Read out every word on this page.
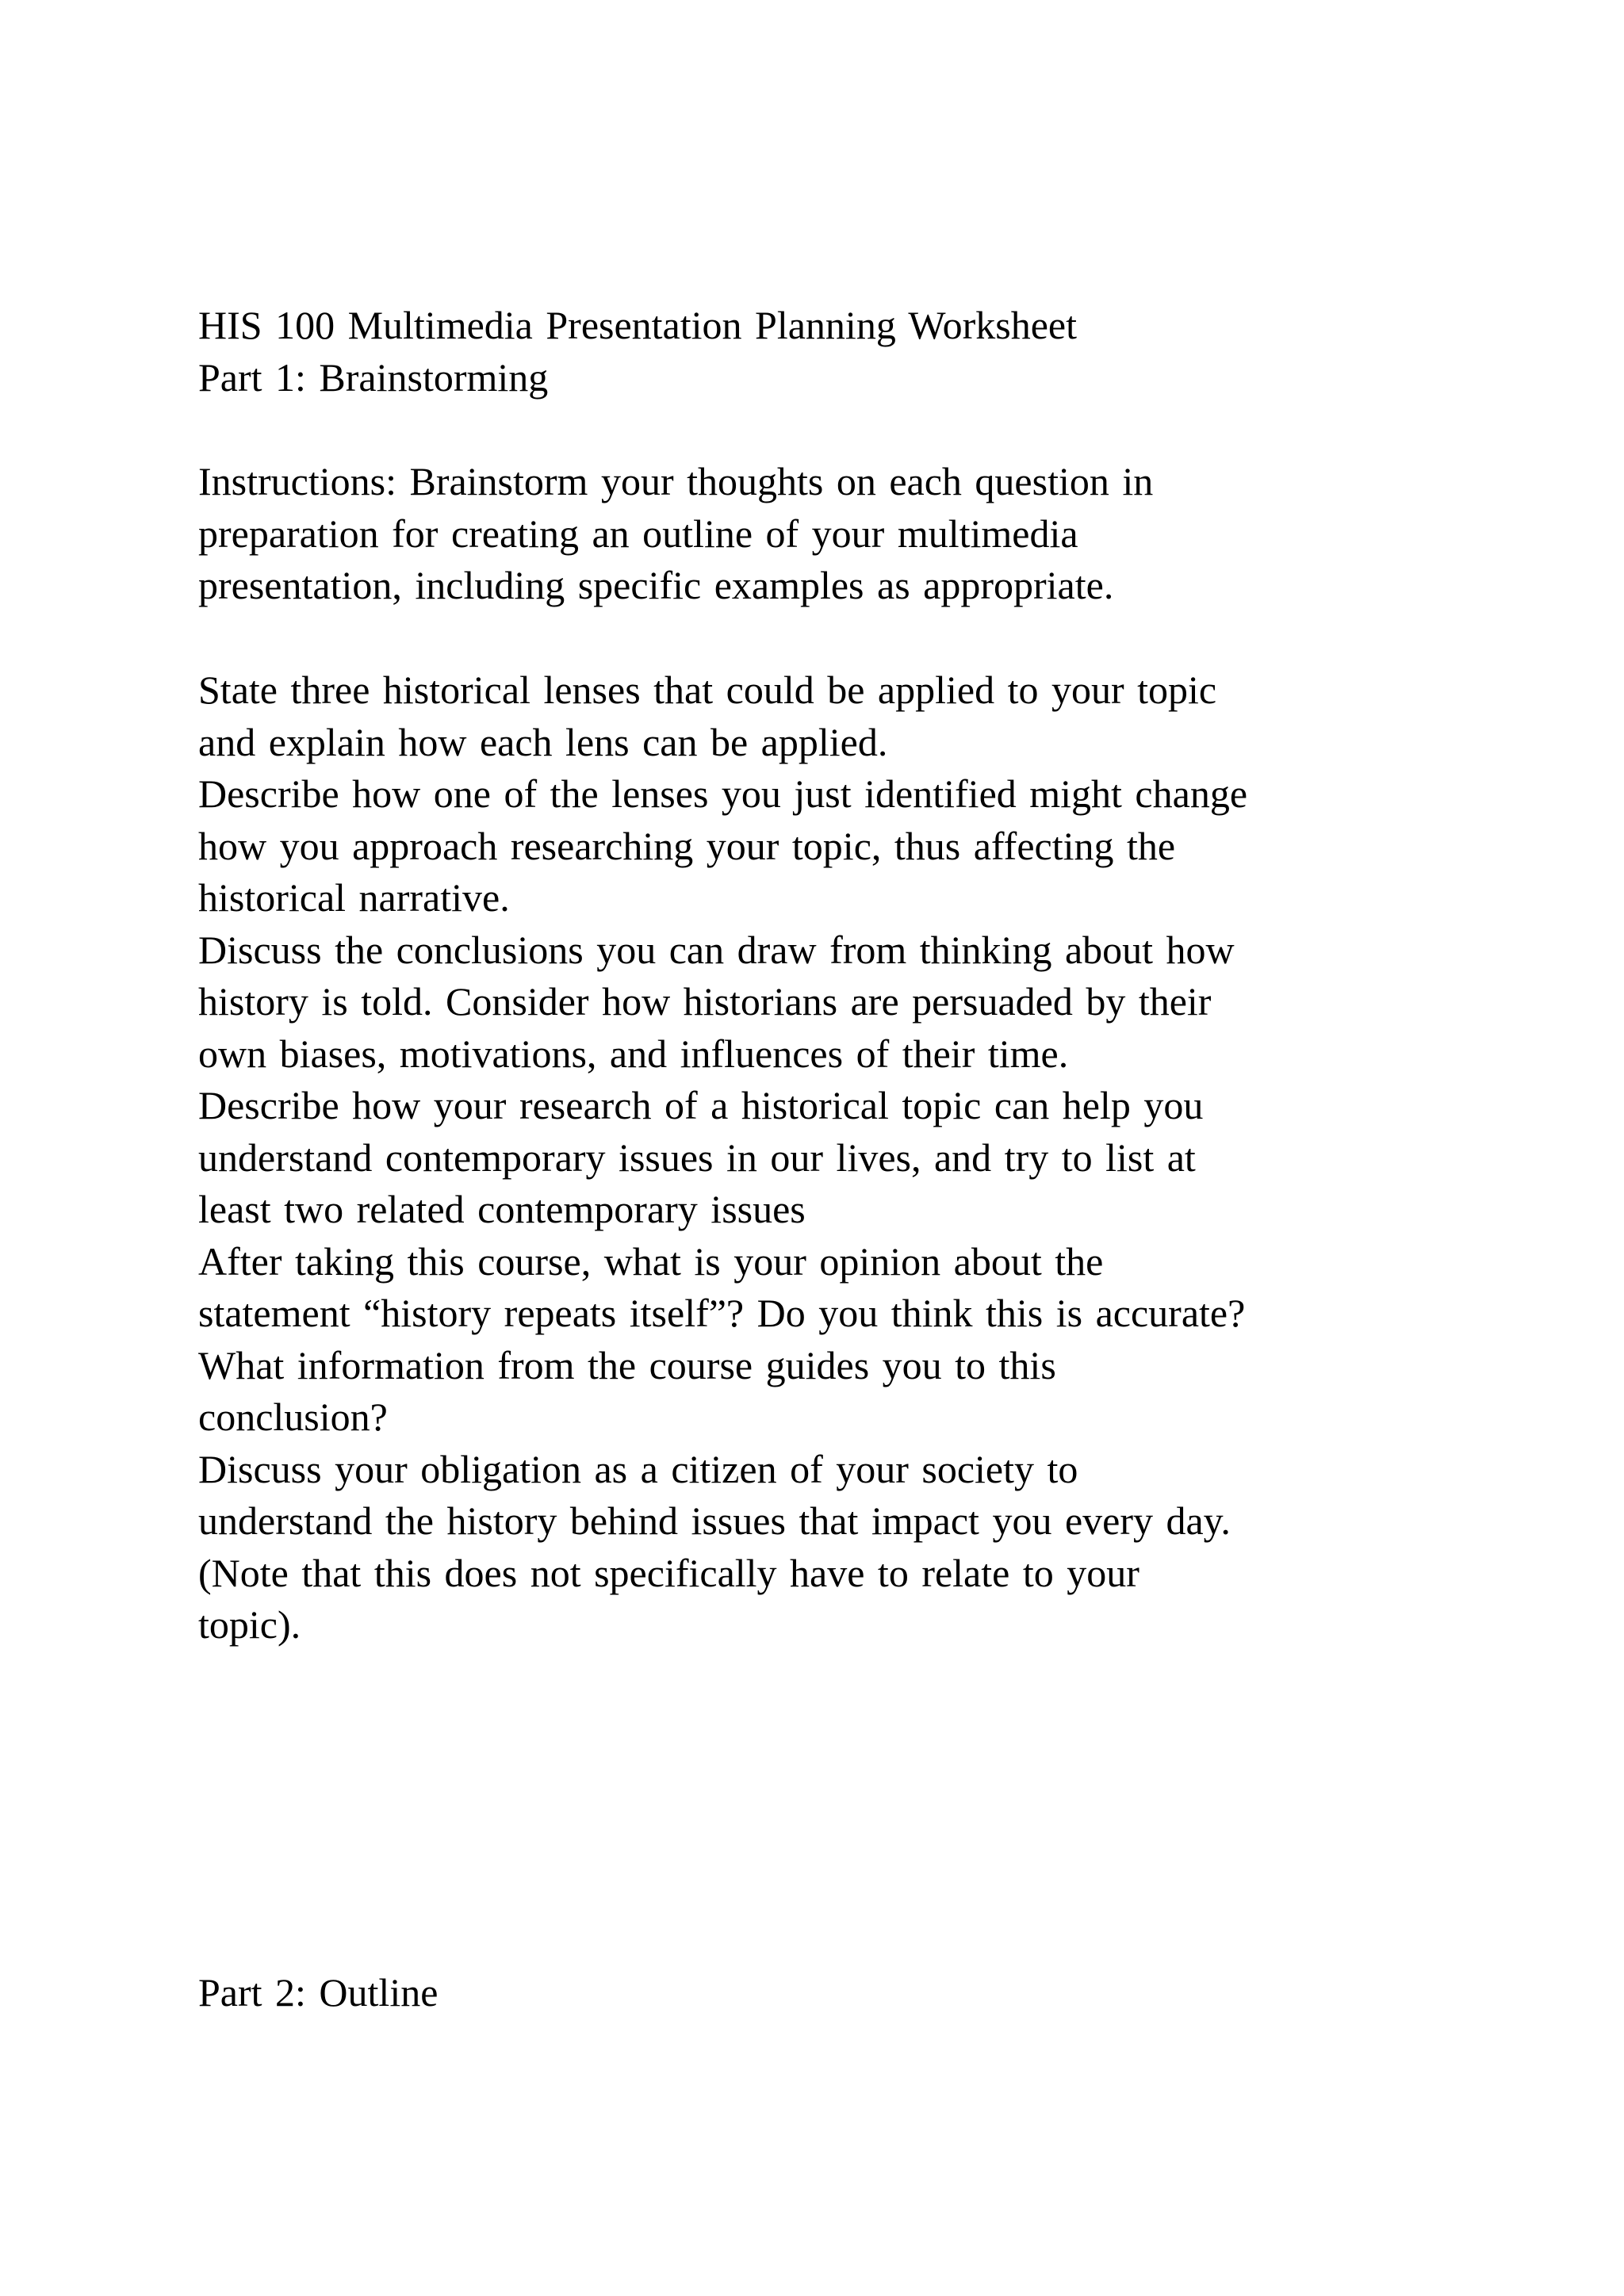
HIS 100 Multimedia Presentation Planning Worksheet
Part 1: Brainstorming
Instructions: Brainstorm your thoughts on each question in
preparation for creating an outline of your multimedia
presentation, including specific examples as appropriate.
State three historical lenses that could be applied to your topic
and explain how each lens can be applied.
Describe how one of the lenses you just identified might change
how you approach researching your topic, thus affecting the
historical narrative.
Discuss the conclusions you can draw from thinking about how
history is told. Consider how historians are persuaded by their
own biases, motivations, and influences of their time.
Describe how your research of a historical topic can help you
understand contemporary issues in our lives, and try to list at
least two related contemporary issues
After taking this course, what is your opinion about the
statement “history repeats itself”? Do you think this is accurate?
What information from the course guides you to this
conclusion?
Discuss your obligation as a citizen of your society to
understand the history behind issues that impact you every day.
(Note that this does not specifically have to relate to your
topic).
Part 2: Outline
